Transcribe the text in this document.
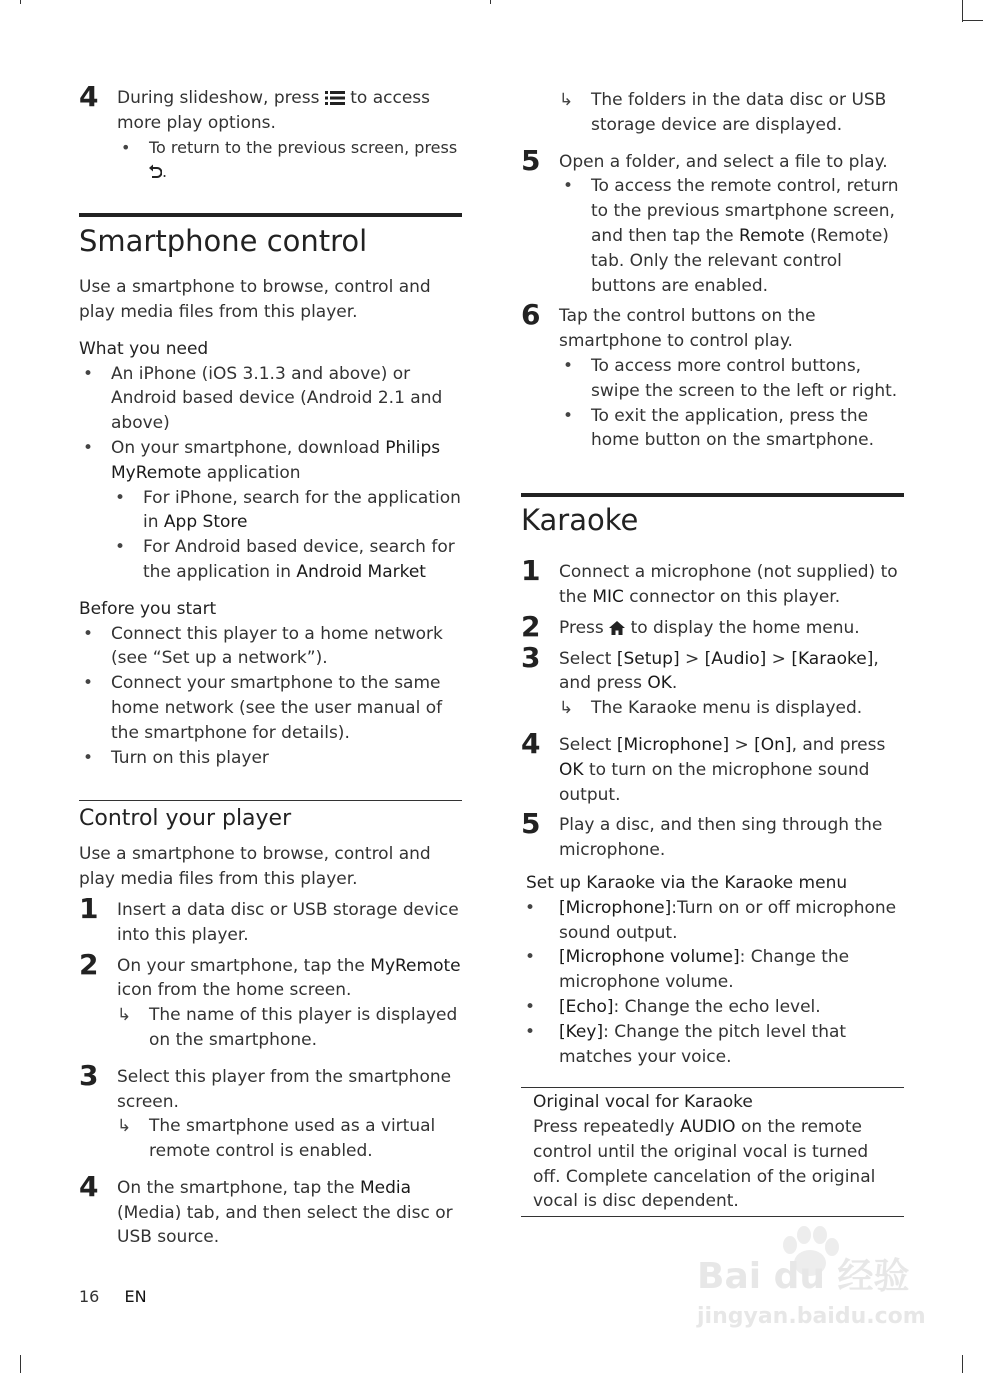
4 During slideshow, press to access more play options.
• To return to the previous screen, press .
Smartphone control

Use a smartphone to browse, control and play media files from this player.

What you need
• An iPhone (iOS 3.1.3 and above) or Android based device (Android 2.1 and above)
• On your smartphone, download Philips MyRemote application
• For iPhone, search for the application in App Store
• For Android based device, search for the application in Android Market
Before you start
• Connect this player to a home network (see “Set up a network”).
• Connect your smartphone to the same home network (see the user manual of the smartphone for details).
• Turn on this player
Control your player

Use a smartphone to browse, control and play media files from this player.

1 Insert a data disc or USB storage device into this player.
2 On your smartphone, tap the MyRemote icon from the home screen.
↳ The name of this player is displayed on the smartphone.
3 Select this player from the smartphone screen.
↳ The smartphone used as a virtual remote control is enabled.
4 On the smartphone, tap the Media (Media) tab, and then select the disc or USB source.
↳ The folders in the data disc or USB storage device are displayed.
5 Open a folder, and select a file to play.
• To access the remote control, return to the previous smartphone screen, and then tap the Remote (Remote) tab. Only the relevant control buttons are enabled.
6 Tap the control buttons on the smartphone to control play.
• To access more control buttons, swipe the screen to the left or right.
• To exit the application, press the home button on the smartphone.
Karaoke
1 Connect a microphone (not supplied) to the MIC connector on this player.
2 Press to display the home menu.
3 Select [Setup] > [Audio] > [Karaoke], and press OK.
↳ The Karaoke menu is displayed.
4 Select [Microphone] > [On], and press OK to turn on the microphone sound output.
5 Play a disc, and then sing through the microphone.
Set up Karaoke via the Karaoke menu
• [Microphone]:Turn on or off microphone sound output.
• [Microphone volume]: Change the microphone volume.
• [Echo]: Change the echo level.
• [Key]: Change the pitch level that matches your voice.
Original vocal for Karaoke
Press repeatedly AUDIO on the remote control until the original vocal is turned off. Complete cancelation of the original vocal is disc dependent.
16 EN	Bai du 经验
jingyan.baidu.com
